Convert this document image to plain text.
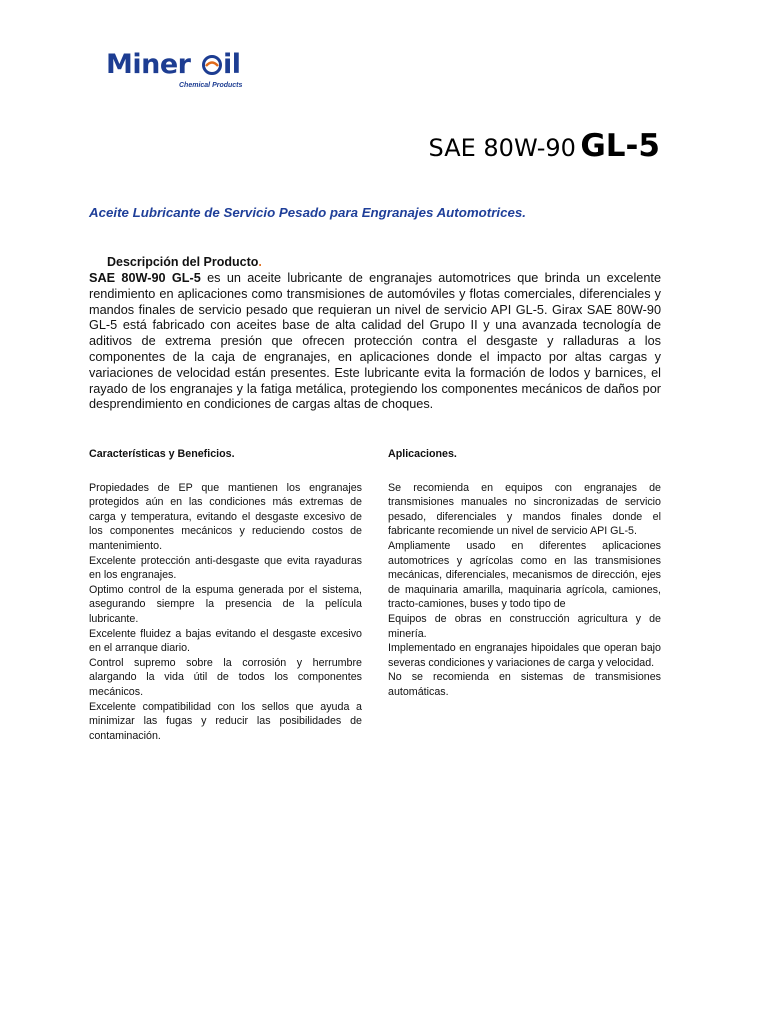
Miner il
Chemical Products
SAE 80W-90 GL-5
Aceite Lubricante de Servicio Pesado para Engranajes Automotrices.
Descripción del Producto.
SAE 80W-90 GL-5 es un aceite lubricante de engranajes automotrices que brinda un excelente rendimiento en aplicaciones como transmisiones de automóviles y flotas comerciales, diferenciales y mandos finales de servicio pesado que requieran un nivel de servicio API GL-5. Girax SAE 80W-90 GL-5 está fabricado con aceites base de alta calidad del Grupo II y una avanzada tecnología de aditivos de extrema presión que ofrecen protección contra el desgaste y ralladuras a los componentes de la caja de engranajes, en aplicaciones donde el impacto por altas cargas y variaciones de velocidad están presentes. Este lubricante evita la formación de lodos y barnices, el rayado de los engranajes y la fatiga metálica, protegiendo los componentes mecánicos de daños por desprendimiento en condiciones de cargas altas de choques.
Características y Beneficios.

Propiedades de EP que mantienen los engranajes protegidos aún en las condiciones más extremas de carga y temperatura, evitando el desgaste excesivo de los componentes mecánicos y reduciendo costos de mantenimiento.

Excelente protección anti-desgaste que evita rayaduras en los engranajes.

Optimo control de la espuma generada por el sistema, asegurando siempre la presencia de la película lubricante.

Excelente fluidez a bajas evitando el desgaste excesivo en el arranque diario.

Control supremo sobre la corrosión y herrumbre alargando la vida útil de todos los componentes mecánicos.

Excelente compatibilidad con los sellos que ayuda a minimizar las fugas y reducir las posibilidades de contaminación.

Aplicaciones.

Se recomienda en equipos con engranajes de transmisiones manuales no sincronizadas de servicio pesado, diferenciales y mandos finales donde el fabricante recomiende un nivel de servicio API GL-5.

Ampliamente usado en diferentes aplicaciones automotrices y agrícolas como en las transmisiones mecánicas, diferenciales, mecanismos de dirección, ejes de maquinaria amarilla, maquinaria agrícola, camiones, tracto-camiones, buses y todo tipo de

Equipos de obras en construcción agricultura y de minería.

Implementado en engranajes hipoidales que operan bajo severas condiciones y variaciones de carga y velocidad.

No se recomienda en sistemas de transmisiones automáticas.
